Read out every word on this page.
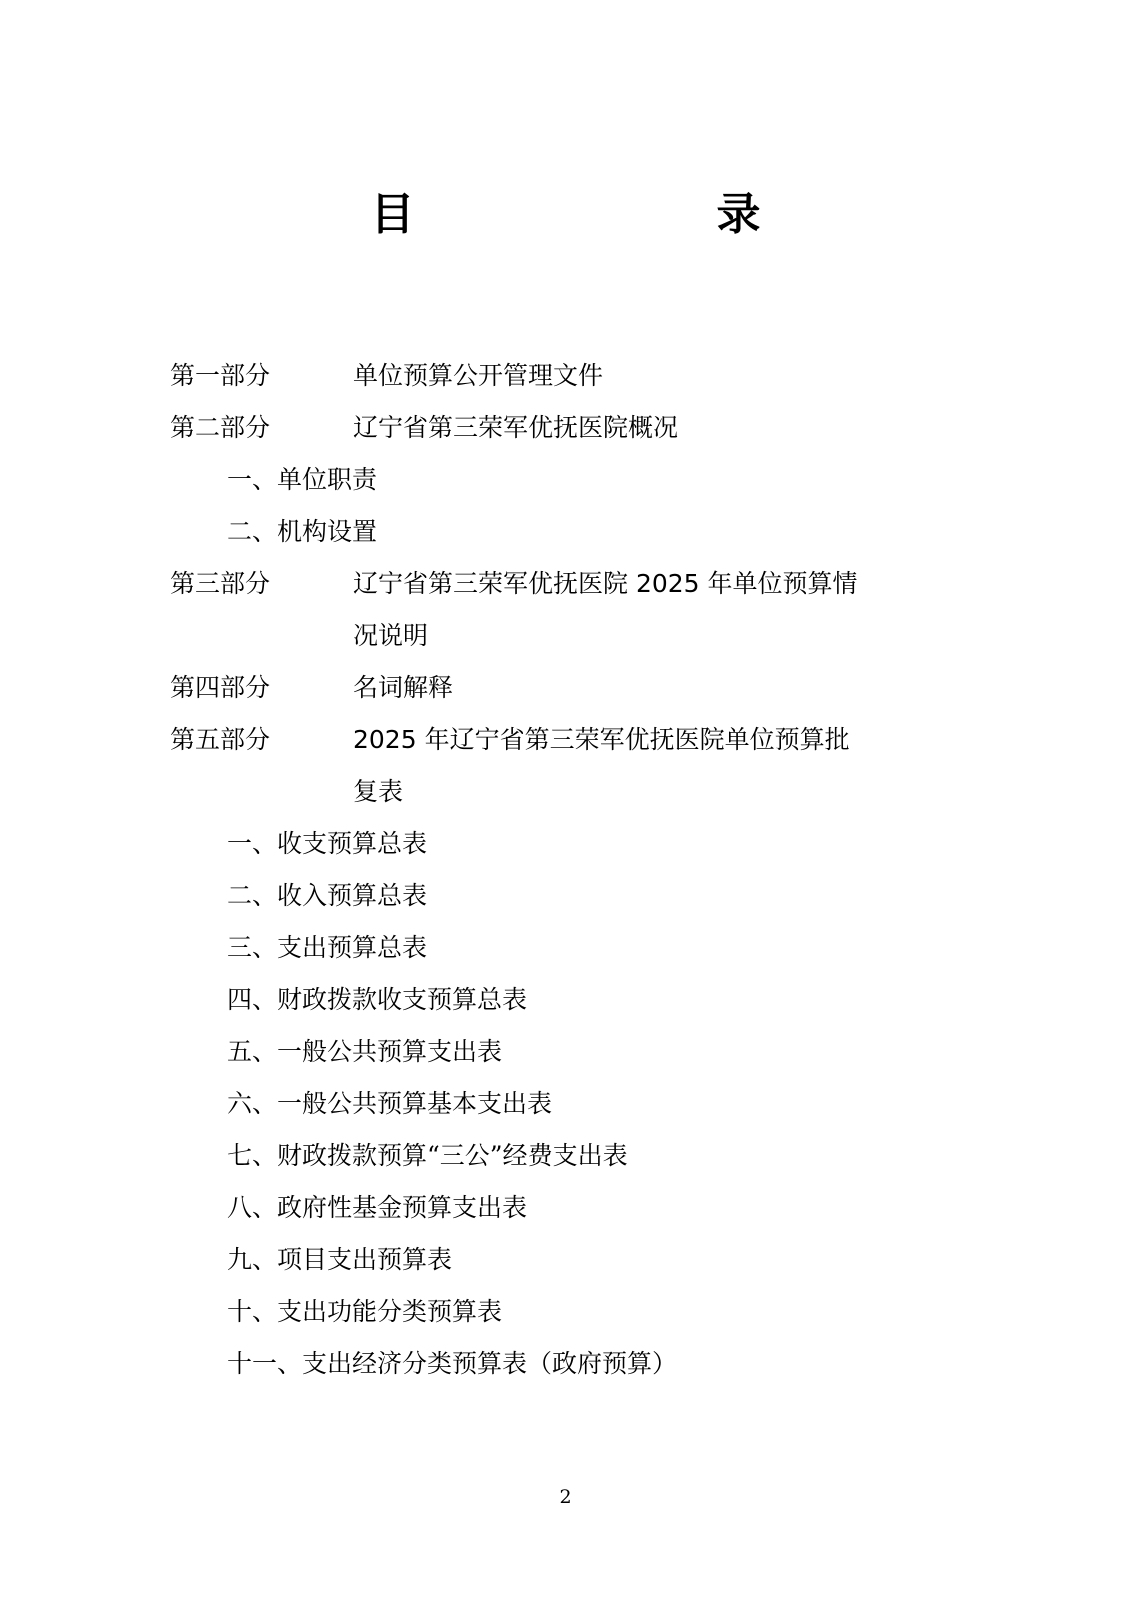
目      录
第一部分	单位预算公开管理文件
第二部分	辽宁省第三荣军优抚医院概况
一、单位职责
二、机构设置
第三部分	辽宁省第三荣军优抚医院 2025 年单位预算情
况说明
第四部分	名词解释
第五部分	2025 年辽宁省第三荣军优抚医院单位预算批
复表
一、收支预算总表
二、收入预算总表
三、支出预算总表
四、财政拨款收支预算总表
五、一般公共预算支出表
六、一般公共预算基本支出表
七、财政拨款预算“三公”经费支出表
八、政府性基金预算支出表
九、项目支出预算表
十、支出功能分类预算表
十一、支出经济分类预算表（政府预算）
2
